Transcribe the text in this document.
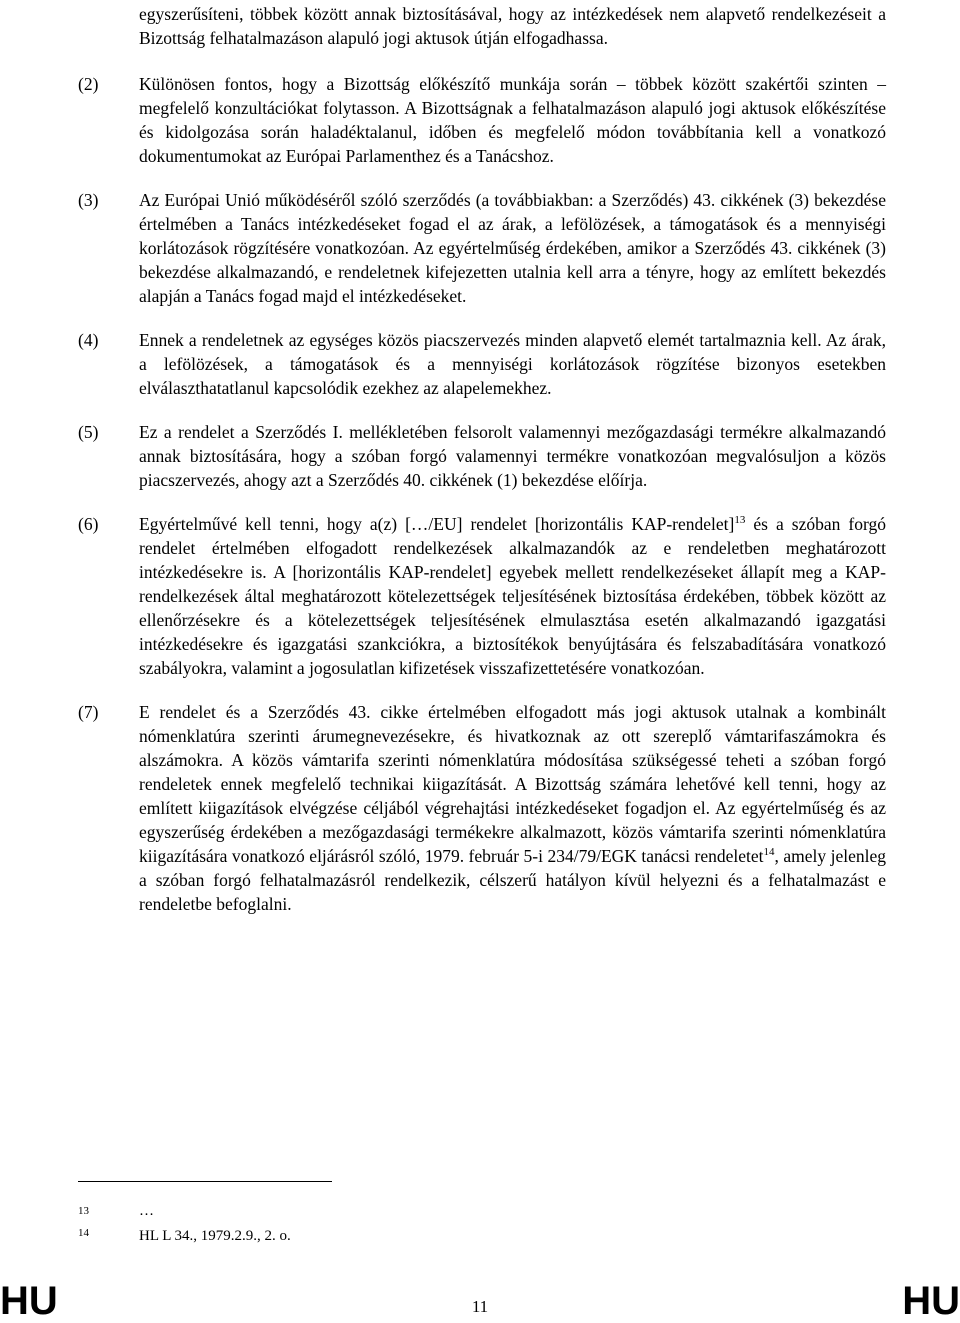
egyszerűsíteni, többek között annak biztosításával, hogy az intézkedések nem alapvető rendelkezéseit a Bizottság felhatalmazáson alapuló jogi aktusok útján elfogadhassa.

(2)	Különösen fontos, hogy a Bizottság előkészítő munkája során – többek között szakértői szinten – megfelelő konzultációkat folytasson. A Bizottságnak a felhatalmazáson alapuló jogi aktusok előkészítése és kidolgozása során haladéktalanul, időben és megfelelő módon továbbítania kell a vonatkozó dokumentumokat az Európai Parlamenthez és a Tanácshoz.

(3)	Az Európai Unió működéséről szóló szerződés (a továbbiakban: a Szerződés) 43. cikkének (3) bekezdése értelmében a Tanács intézkedéseket fogad el az árak, a lefölözések, a támogatások és a mennyiségi korlátozások rögzítésére vonatkozóan. Az egyértelműség érdekében, amikor a Szerződés 43. cikkének (3) bekezdése alkalmazandó, e rendeletnek kifejezetten utalnia kell arra a tényre, hogy az említett bekezdés alapján a Tanács fogad majd el intézkedéseket.

(4)	Ennek a rendeletnek az egységes közös piacszervezés minden alapvető elemét tartalmaznia kell. Az árak, a lefölözések, a támogatások és a mennyiségi korlátozások rögzítése bizonyos esetekben elválaszthatatlanul kapcsolódik ezekhez az alapelemekhez.

(5)	Ez a rendelet a Szerződés I. mellékletében felsorolt valamennyi mezőgazdasági termékre alkalmazandó annak biztosítására, hogy a szóban forgó valamennyi termékre vonatkozóan megvalósuljon a közös piacszervezés, ahogy azt a Szerződés 40. cikkének (1) bekezdése előírja.

(6)	Egyértelművé kell tenni, hogy a(z) […/EU] rendelet [horizontális KAP-rendelet]$^{13}$ és a szóban forgó rendelet értelmében elfogadott rendelkezések alkalmazandók az e rendeletben meghatározott intézkedésekre is. A [horizontális KAP-rendelet] egyebek mellett rendelkezéseket állapít meg a KAP-rendelkezések által meghatározott kötelezettségek teljesítésének biztosítása érdekében, többek között az ellenőrzésekre és a kötelezettségek teljesítésének elmulasztása esetén alkalmazandó igazgatási intézkedésekre és igazgatási szankciókra, a biztosítékok benyújtására és felszabadítására vonatkozó szabályokra, valamint a jogosulatlan kifizetések visszafizettetésére vonatkozóan.

(7)	E rendelet és a Szerződés 43. cikke értelmében elfogadott más jogi aktusok utalnak a kombinált nómenklatúra szerinti árumegnevezésekre, és hivatkoznak az ott szereplő vámtarifaszámokra és alszámokra. A közös vámtarifa szerinti nómenklatúra módosítása szükségessé teheti a szóban forgó rendeletek ennek megfelelő technikai kiigazítását. A Bizottság számára lehetővé kell tenni, hogy az említett kiigazítások elvégzése céljából végrehajtási intézkedéseket fogadjon el. Az egyértelműség és az egyszerűség érdekében a mezőgazdasági termékekre alkalmazott, közös vámtarifa szerinti nómenklatúra kiigazítására vonatkozó eljárásról szóló, 1979. február 5-i 234/79/EGK tanácsi rendeletet$^{14}$, amely jelenleg a szóban forgó felhatalmazásról rendelkezik, célszerű hatályon kívül helyezni és a felhatalmazást e rendeletbe befoglalni.

13	…
14	HL L 34., 1979.2.9., 2. o.
HU	11	HU
